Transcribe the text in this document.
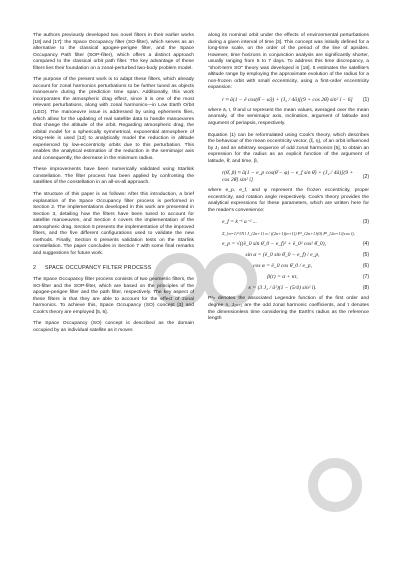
The authors previously developed two novel filters in their earlier works [18] and [17]: the Space Occupancy filter (SO-filter), which serves as an alternative to the classical apogee-perigee filter, and the Space Occupancy Path filter (SOP-filter), which offers a distinct approach compared to the classical orbit path filter. The key advantage of these filters lies their foundation on a zonal-perturbed two-body problem model.

The purpose of the present work is to adapt these filters, which already account for zonal harmonics perturbations to be further tuned as objects manoeuvre during the prediction time span. Additionally, this work incorporates the atmospheric drag effect, since it is one of the most relevant perturbations, along with zonal harmonics—in Low Earth Orbit (LEO). The manoeuvre issue is addressed by using ephemeris files, which allow for the updating of real satellite data to handle manoeuvres that change the altitude of the orbit. Regarding atmospheric drag, the orbital model for a spherically symmetrical, exponential atmosphere of King-Hele is used [12] to analytically model the reduction in altitude experienced by low-eccentricity orbits due to this perturbation. This enables the analytical estimation of the reduction in the semimajor axis and consequently, the decrease in the minimum radius.

These improvements have been numerically validated using Starlink constellation. The filter process has been applied by confronting the satellites of the constellation in an all-vs-all approach.

The structure of this paper is as follows: After this introduction, a brief explanation of the Space Occupancy filter process is performed in Section 2. The implementations developed in this work are presented in Section 3, detailing how the filters have been tuned to account for satellite manoeuvres, and Section 4 covers the implementation of the atmospheric drag. Section 5 presents the implementation of the improved filters, and the five different configurations used to validate the new methods. Finally, Section 6 presents validation tests on the Starlink constellation. The paper concludes in Section 7 with some final remarks and suggestions for future work.

2 SPACE OCCUPANCY FILTER PROCESS

The Space Occupancy filter process consists of two geometric filters, the SO-filter and the SOP-filter, which are based on the principles of the apogee-perigee filter and the path filter, respectively. The key aspect of these filters is that they are able to account for the effect of zonal harmonics. To achieve this, Space Occupancy (SO) concept [3] and Cook's theory are employed [5, 6].

The Space Occupancy (SO) concept is described as the domain occupied by an individual satellite as it moves

along its nominal orbit under the effects of environmental perturbations during a given interval of time [3]. This concept was initially defined for a long-time scale, on the order of the period of the line of apsides. However, time horizons in conjunction analysis are significantly shorter, usually ranging from 5 to 7 days. To address this time discrepancy, a "short-term SO" theory was developed in [18]. It estimates the satellite's altitude range by employing the approximate evolution of the radius for a non-frozen orbit with small eccentricity, using a first-order eccentricity expansion:

r ≈ ā(1 − ē cos(θ̄ − ω̄)) + (J₂ / 4ā)[(9 + cos 2θ̄) sin² ī − 6]	(1)

where ā, ī, θ̄ and ω̄ represent the mean values, averaged over the mean anomaly, of the semimajor axis, inclination, argument of latitude and argument of periapsis, respectively.

Equation (1) can be reformulated using Cook's theory, which describes the behaviour of the mean eccentricity vector, (ξ, η), of an orbit influenced by J₂ and an arbitrary sequence of odd zonal harmonics [5], to obtain an expression for the radius as an explicit function of the argument of latitude, θ̄, and time, β,

r(θ̄, β) ≈ ā(1 − e_p cos(θ̄ − φ) − e_f sin θ̄) + (J₂ / 4ā)[(9 + cos 2θ̄) sin² ī]
(2)

where e_p, e_f, and φ represent the frozen eccentricity, proper eccentricity, and rotation angle respectively. Cook's theory provides the analytical expressions for these parameters, which are written here for the reader's convenience:

e_f = k⁻¹ a⁻² ...	(3)
Σ_{n=1}^{N} J_{2n+1} n / ((2n+1)(n+1)) P¹_{2n+1}(0) P¹_{2n+1}(cos ī),
e_p = √((ē_0 sin θ̄_0 − e_f)² + ē_0² cos² θ̄_0),	(4)
sin α = (ē_0 sin θ̄_0 − e_f) / e_p,	(5)
cos α = ē_0 cos θ̄_0 / e_p,	(6)
β(τ) = α + κτ,	(7)
κ = (3 J₂ / ā²)(1 − (5/4) sin² ī).	(8)

P¹ₙ denotes the associated Legendre function of the first order and degree n, J₂ₙ₊₁ are the odd zonal harmonic coefficients, and τ denotes the dimensionless time considering the Earth's radius as the reference length
